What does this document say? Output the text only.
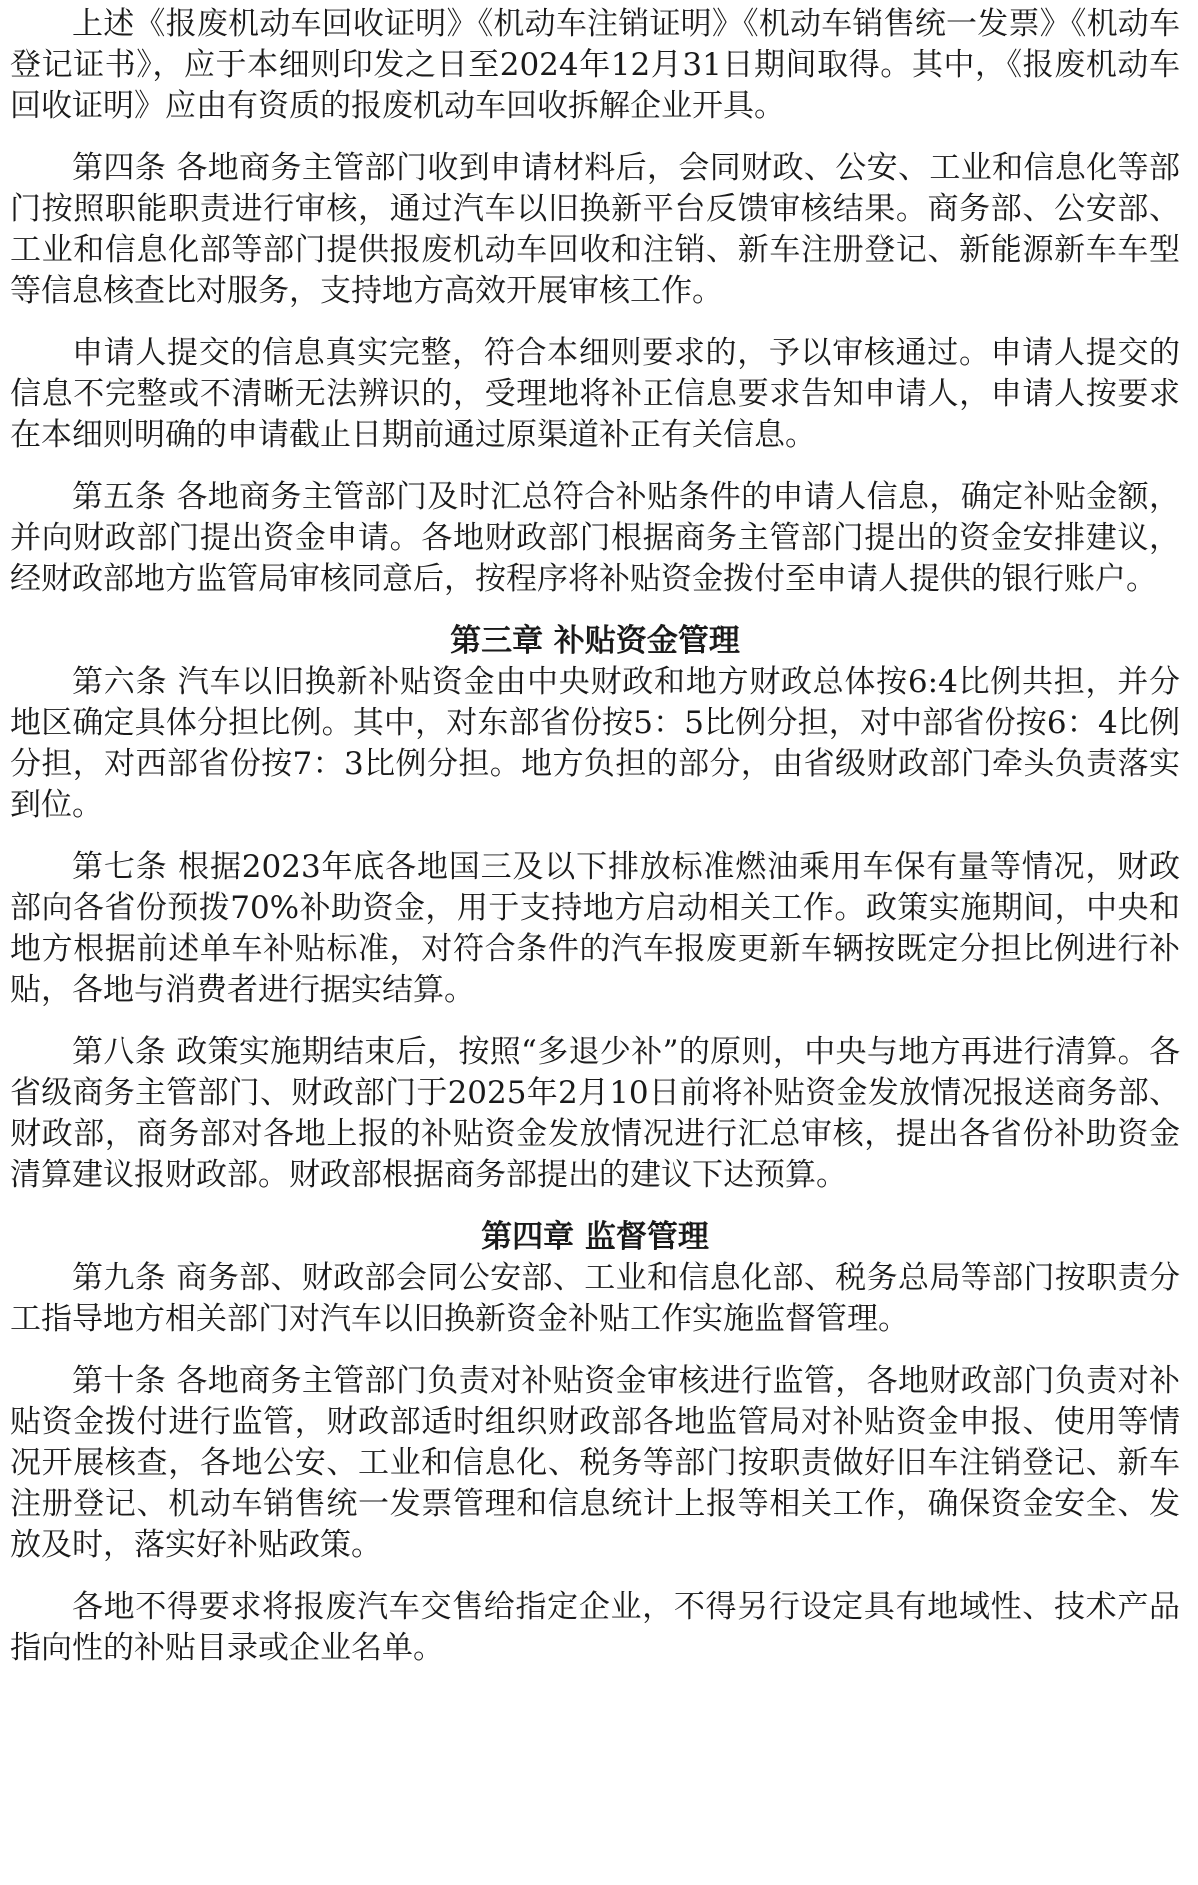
上述《报废机动车回收证明》《机动车注销证明》《机动车销售统一发票》《机动车登记证书》，应于本细则印发之日至2024年12月31日期间取得。其中，《报废机动车回收证明》应由有资质的报废机动车回收拆解企业开具。

第四条 各地商务主管部门收到申请材料后，会同财政、公安、工业和信息化等部门按照职能职责进行审核，通过汽车以旧换新平台反馈审核结果。商务部、公安部、工业和信息化部等部门提供报废机动车回收和注销、新车注册登记、新能源新车车型等信息核查比对服务，支持地方高效开展审核工作。

申请人提交的信息真实完整，符合本细则要求的，予以审核通过。申请人提交的信息不完整或不清晰无法辨识的，受理地将补正信息要求告知申请人，申请人按要求在本细则明确的申请截止日期前通过原渠道补正有关信息。

第五条 各地商务主管部门及时汇总符合补贴条件的申请人信息，确定补贴金额，并向财政部门提出资金申请。各地财政部门根据商务主管部门提出的资金安排建议，经财政部地方监管局审核同意后，按程序将补贴资金拨付至申请人提供的银行账户。

第三章 补贴资金管理

第六条 汽车以旧换新补贴资金由中央财政和地方财政总体按6:4比例共担，并分地区确定具体分担比例。其中，对东部省份按5：5比例分担，对中部省份按6：4比例分担，对西部省份按7：3比例分担。地方负担的部分，由省级财政部门牵头负责落实到位。

第七条 根据2023年底各地国三及以下排放标准燃油乘用车保有量等情况，财政部向各省份预拨70%补助资金，用于支持地方启动相关工作。政策实施期间，中央和地方根据前述单车补贴标准，对符合条件的汽车报废更新车辆按既定分担比例进行补贴，各地与消费者进行据实结算。

第八条 政策实施期结束后，按照“多退少补”的原则，中央与地方再进行清算。各省级商务主管部门、财政部门于2025年2月10日前将补贴资金发放情况报送商务部、财政部，商务部对各地上报的补贴资金发放情况进行汇总审核，提出各省份补助资金清算建议报财政部。财政部根据商务部提出的建议下达预算。

第四章 监督管理

第九条 商务部、财政部会同公安部、工业和信息化部、税务总局等部门按职责分工指导地方相关部门对汽车以旧换新资金补贴工作实施监督管理。

第十条 各地商务主管部门负责对补贴资金审核进行监管，各地财政部门负责对补贴资金拨付进行监管，财政部适时组织财政部各地监管局对补贴资金申报、使用等情况开展核查，各地公安、工业和信息化、税务等部门按职责做好旧车注销登记、新车注册登记、机动车销售统一发票管理和信息统计上报等相关工作，确保资金安全、发放及时，落实好补贴政策。

各地不得要求将报废汽车交售给指定企业，不得另行设定具有地域性、技术产品指向性的补贴目录或企业名单。
